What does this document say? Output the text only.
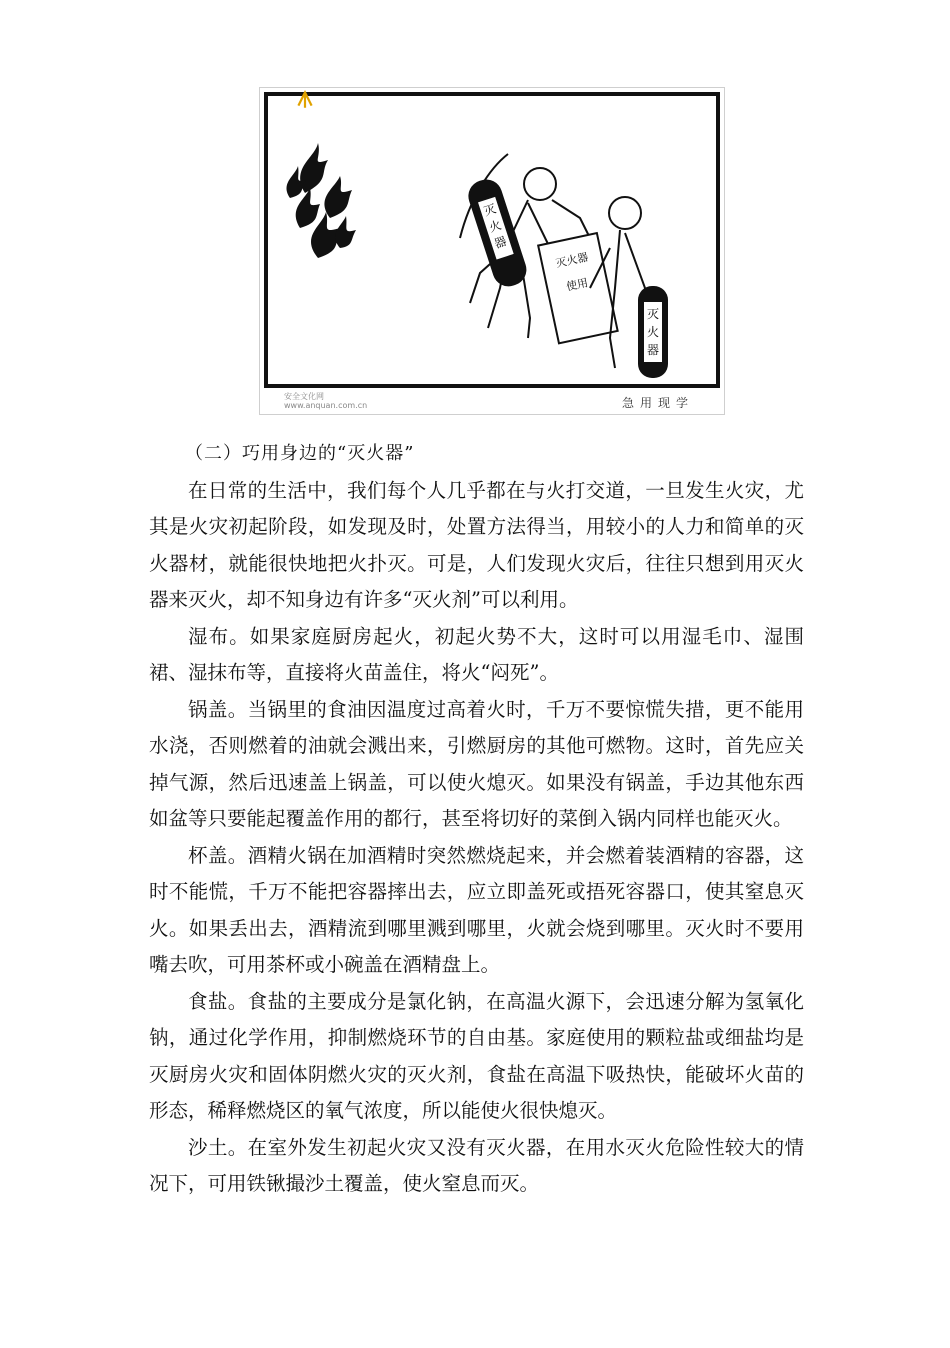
灭
火
器
灭火器
使用
灭
火
器
安全文化网
www.anquan.com.cn	急用现学
（二）巧用身边的“灭火器”

在日常的生活中，我们每个人几乎都在与火打交道，一旦发生火灾，尤其是火灾初起阶段，如发现及时，处置方法得当，用较小的人力和简单的灭火器材，就能很快地把火扑灭。可是，人们发现火灾后，往往只想到用灭火器来灭火，却不知身边有许多“灭火剂”可以利用。

湿布。如果家庭厨房起火，初起火势不大，这时可以用湿毛巾、湿围裙、湿抹布等，直接将火苗盖住，将火“闷死”。

锅盖。当锅里的食油因温度过高着火时，千万不要惊慌失措，更不能用水浇，否则燃着的油就会溅出来，引燃厨房的其他可燃物。这时，首先应关掉气源，然后迅速盖上锅盖，可以使火熄灭。如果没有锅盖，手边其他东西如盆等只要能起覆盖作用的都行，甚至将切好的菜倒入锅内同样也能灭火。

杯盖。酒精火锅在加酒精时突然燃烧起来，并会燃着装酒精的容器，这时不能慌，千万不能把容器摔出去，应立即盖死或捂死容器口，使其窒息灭火。如果丢出去，酒精流到哪里溅到哪里，火就会烧到哪里。灭火时不要用嘴去吹，可用茶杯或小碗盖在酒精盘上。

食盐。食盐的主要成分是氯化钠，在高温火源下，会迅速分解为氢氧化钠，通过化学作用，抑制燃烧环节的自由基。家庭使用的颗粒盐或细盐均是灭厨房火灾和固体阴燃火灾的灭火剂，食盐在高温下吸热快，能破坏火苗的形态，稀释燃烧区的氧气浓度，所以能使火很快熄灭。

沙土。在室外发生初起火灾又没有灭火器，在用水灭火危险性较大的情况下，可用铁锹撮沙土覆盖，使火窒息而灭。
